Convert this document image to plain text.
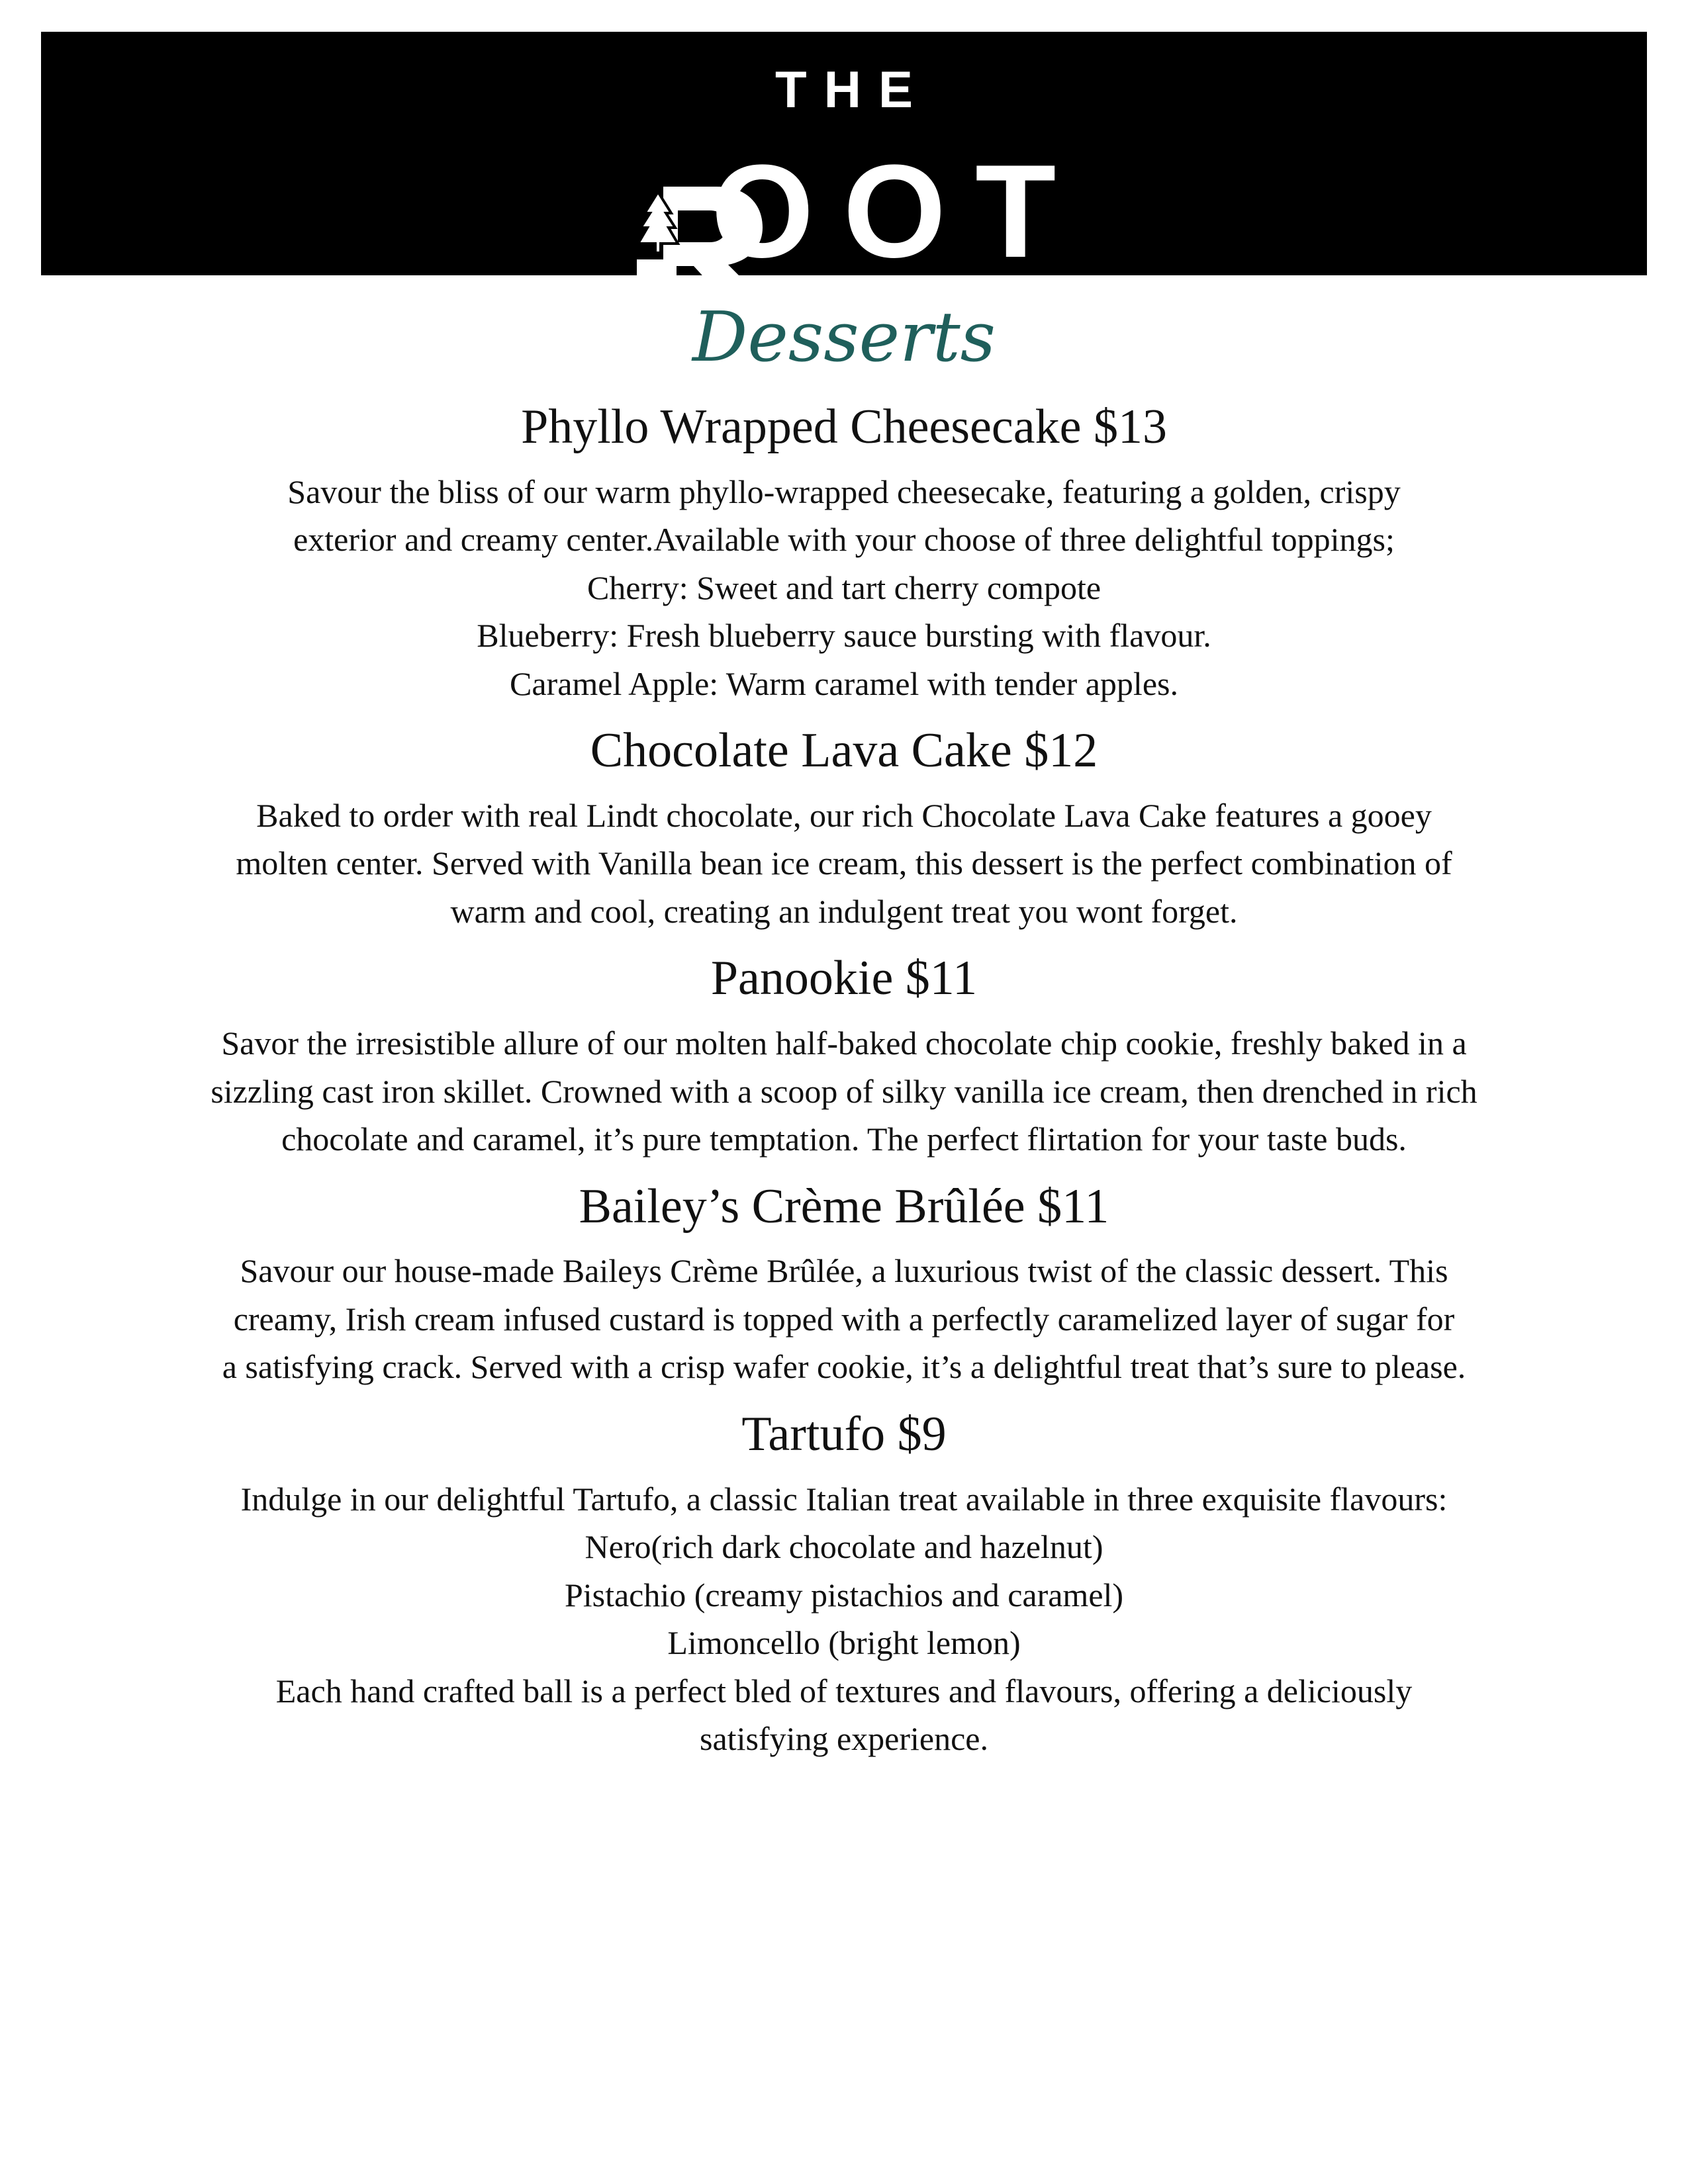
THE
OOT
Desserts
Phyllo Wrapped Cheesecake $13
Savour the bliss of our warm phyllo-wrapped cheesecake, featuring a golden, crispy
exterior and creamy center.Available with your choose of three delightful toppings;
Cherry: Sweet and tart cherry compote
Blueberry: Fresh blueberry sauce bursting with flavour.
Caramel Apple: Warm caramel with tender apples.
Chocolate Lava Cake $12
Baked to order with real Lindt chocolate, our rich Chocolate Lava Cake features a gooey
molten center. Served with Vanilla bean ice cream, this dessert is the perfect combination of
warm and cool, creating an indulgent treat you wont forget.
Panookie $11
Savor the irresistible allure of our molten half-baked chocolate chip cookie, freshly baked in a
sizzling cast iron skillet. Crowned with a scoop of silky vanilla ice cream, then drenched in rich
chocolate and caramel, it’s pure temptation. The perfect flirtation for your taste buds.
Bailey’s Crème Brûlée $11
Savour our house-made Baileys Crème Brûlée, a luxurious twist of the classic dessert. This
creamy, Irish cream infused custard is topped with a perfectly caramelized layer of sugar for
a satisfying crack. Served with a crisp wafer cookie, it’s a delightful treat that’s sure to please.
Tartufo $9
Indulge in our delightful Tartufo, a classic Italian treat available in three exquisite flavours:
Nero(rich dark chocolate and hazelnut)
Pistachio (creamy pistachios and caramel)
Limoncello (bright lemon)
Each hand crafted ball is a perfect bled of textures and flavours, offering a deliciously
satisfying experience.
